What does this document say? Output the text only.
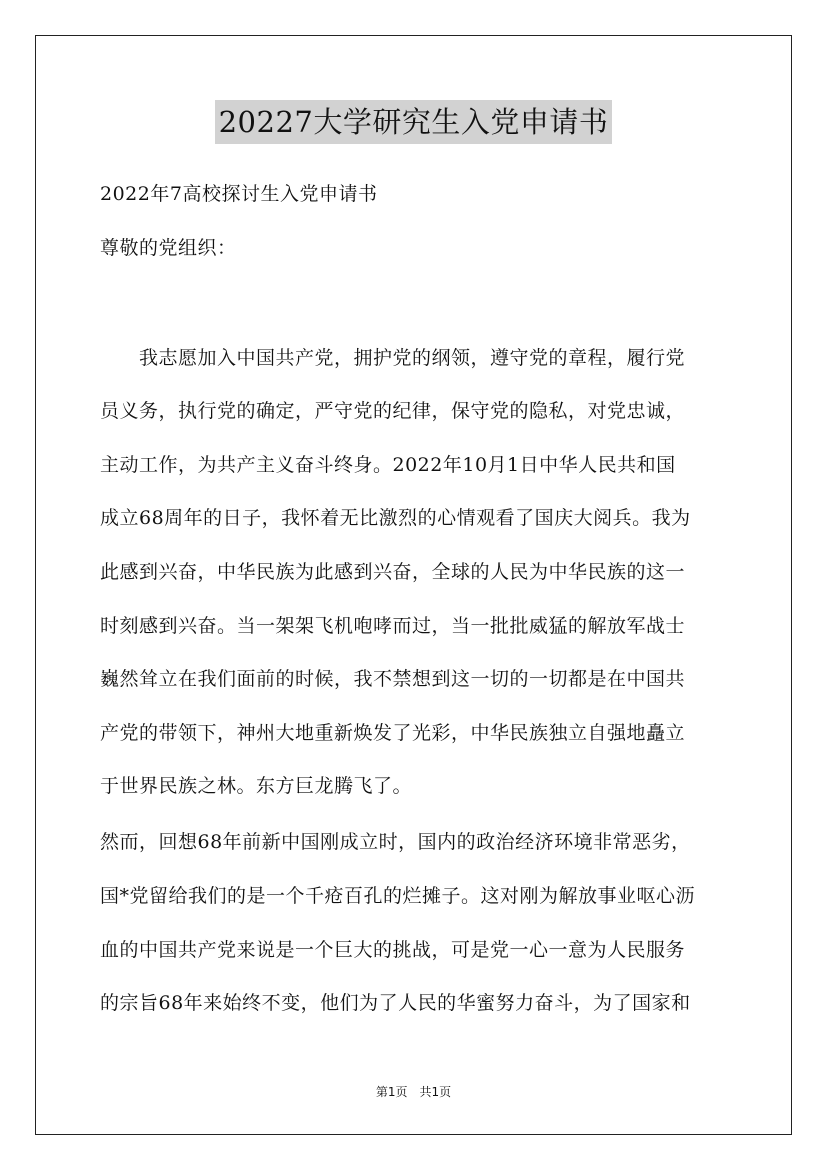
20227大学研究生入党申请书
2022年7高校探讨生入党申请书
尊敬的党组织：
　　我志愿加入中国共产党，拥护党的纲领，遵守党的章程，履行党
员义务，执行党的确定，严守党的纪律，保守党的隐私，对党忠诚，
主动工作，为共产主义奋斗终身。2022年10月1日中华人民共和国
成立68周年的日子，我怀着无比激烈的心情观看了国庆大阅兵。我为
此感到兴奋，中华民族为此感到兴奋，全球的人民为中华民族的这一
时刻感到兴奋。当一架架飞机咆哮而过，当一批批威猛的解放军战士
巍然耸立在我们面前的时候，我不禁想到这一切的一切都是在中国共
产党的带领下，神州大地重新焕发了光彩，中华民族独立自强地矗立
于世界民族之林。东方巨龙腾飞了。
然而，回想68年前新中国刚成立时，国内的政治经济环境非常恶劣，
国*党留给我们的是一个千疮百孔的烂摊子。这对刚为解放事业呕心沥
血的中国共产党来说是一个巨大的挑战，可是党一心一意为人民服务
的宗旨68年来始终不变，他们为了人民的华蜜努力奋斗，为了国家和
第1页　共1页
